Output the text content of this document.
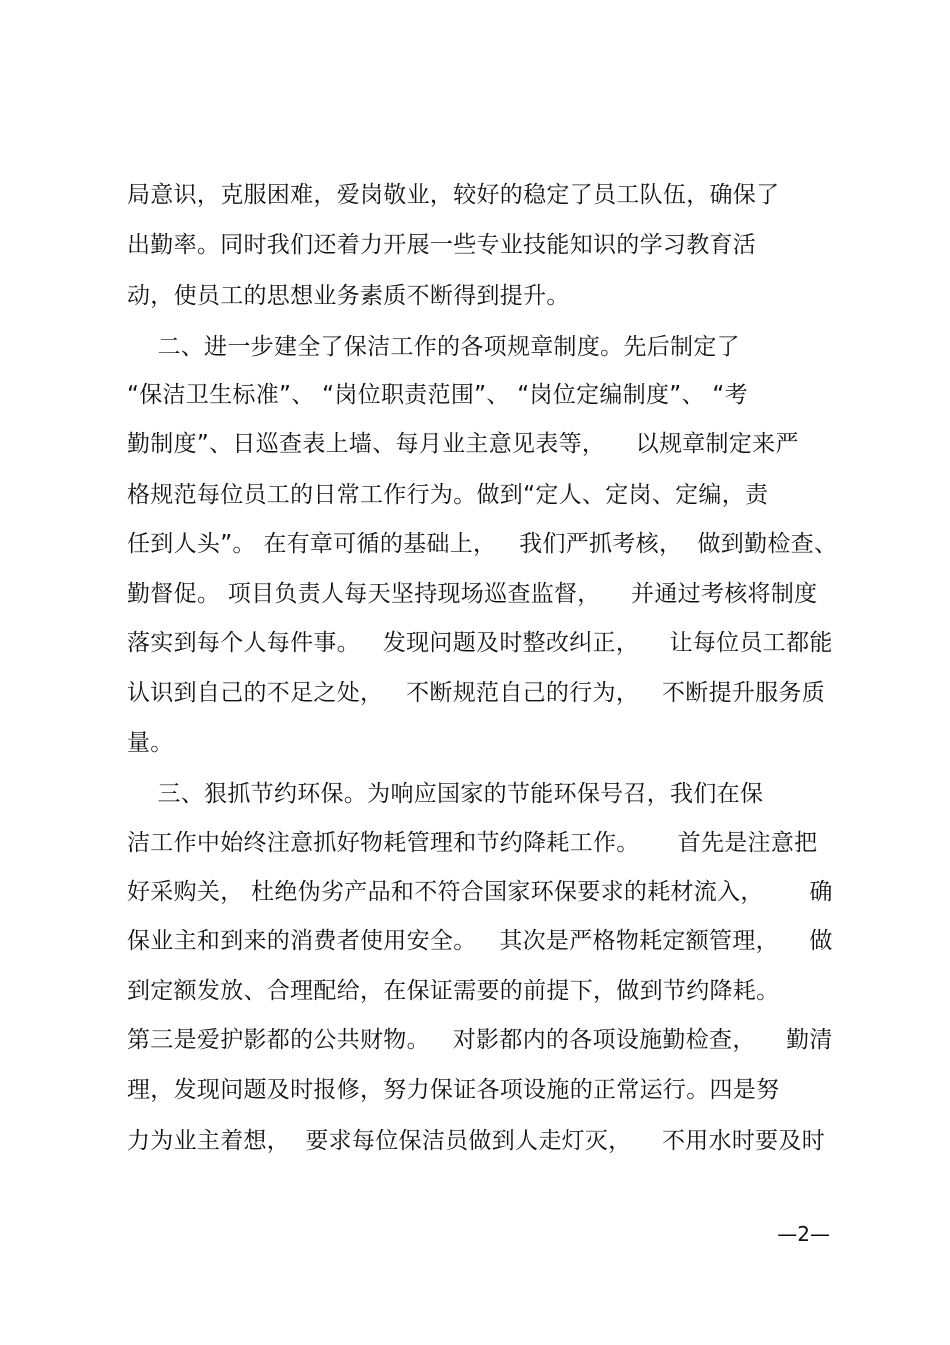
局意识，克服困难，爱岗敬业，较好的稳定了员工队伍，确保了
出勤率。同时我们还着力开展一些专业技能知识的学习教育活
动，使员工的思想业务素质不断得到提升。
二、进一步建全了保洁工作的各项规章制度。先后制定了
“保洁卫生标准”、 “岗位职责范围”、 “岗位定编制度”、 “考
勤制度”、日巡查表上墙、每月业主意见表等，    以规章制定来严
格规范每位员工的日常工作行为。做到“定人、定岗、定编，责
任到人头”。 在有章可循的基础上，   我们严抓考核，  做到勤检查、
勤督促。 项目负责人每天坚持现场巡查监督，    并通过考核将制度
落实到每个人每件事。   发现问题及时整改纠正，    让每位员工都能
认识到自己的不足之处，   不断规范自己的行为，   不断提升服务质
量。
三、狠抓节约环保。为响应国家的节能环保号召，我们在保
洁工作中始终注意抓好物耗管理和节约降耗工作。     首先是注意把
好采购关， 杜绝伪劣产品和不符合国家环保要求的耗材流入，      确
保业主和到来的消费者使用安全。   其次是严格物耗定额管理，    做
到定额发放、合理配给，在保证需要的前提下，做到节约降耗。
第三是爱护影都的公共财物。   对影都内的各项设施勤检查，    勤清
理，发现问题及时报修，努力保证各项设施的正常运行。四是努
力为业主着想，  要求每位保洁员做到人走灯灭，    不用水时要及时
—2—
